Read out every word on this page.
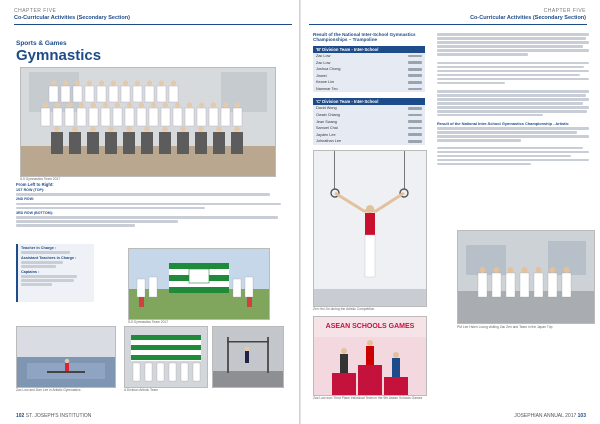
CHAPTER FIVE
Co-Curricular Activities (Secondary Section)
Sports & Games
Gymnastics
SJI Gymnastics Team 2017
From Left to Right:
1ST ROW (TOP):
2ND ROW:
3RD ROW (BOTTOM):
Teacher in Charge :
Assistant Teachers in Charge :
Captains :
SJI Gymnastics Team 2017
Zac Low and Dan Lee in Artistic Gymnastics	A Division Artistic Team
102 ST. JOSEPH'S INSTITUTION
CHAPTER FIVE
Co-Curricular Activities (Secondary Section)
Result of the National Inter-School Gymnastics Championships – Trampoline
'B' Division Team - Inter-School
Zac Low	
Zac Low	
Joshua Chong	
Jinwei	
Keane Lim	
Nammar Teo	
'C' Division Team - Inter-School
David Wong	
Owain Chiang	
Jean Swang	
Samuel Chai	
Jayden Lee	
Johnathan Lee	
Result of the National Inter-School Gymnastics Championship - Artistic
Zen Hui Jin during the Artistic Competition
ASEAN SCHOOLS GAMES
Zac Low won Third Place individual Team in the 9th Asean Schools Games
PM Lee Hsien Loong visiting Zac Zen and Team in the Japan Trip
JOSEPHIAN ANNUAL 2017 103
